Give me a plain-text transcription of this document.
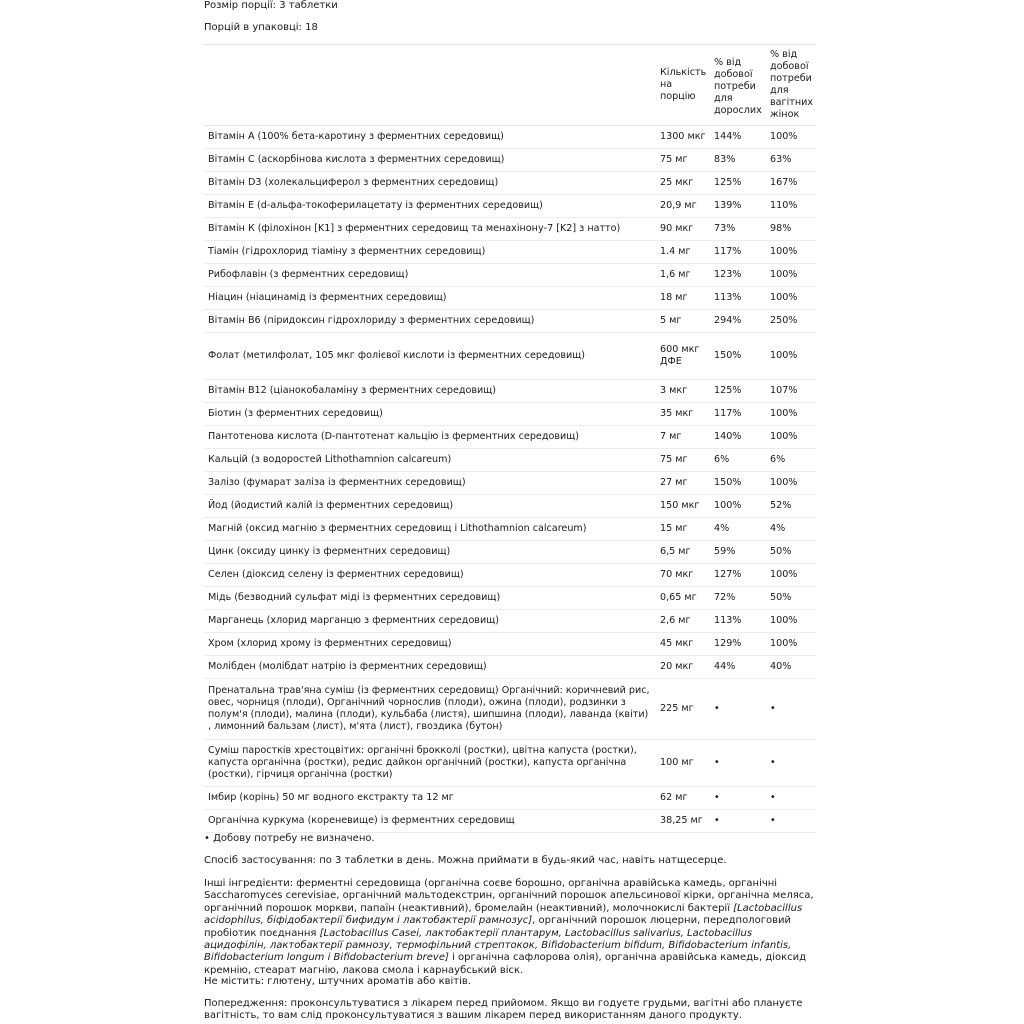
Розмір порції: 3 таблетки
Порцій в упаковці: 18
	Кількість на порцію	% від добової потреби для дорослих	% від добової потреби для вагітних жінок
Вітамін A (100% бета-каротину з ферментних середовищ)	1300 мкг	144%	100%
Вітамін C (аскорбінова кислота з ферментних середовищ)	75 мг	83%	63%
Вітамін D3 (холекальциферол з ферментних середовищ)	25 мкг	125%	167%
Вітамін E (d-альфа-токоферилацетату із ферментних середовищ)	20,9 мг	139%	110%
Вітамін К (філохінон [K1] з ферментних середовищ та менахінону-7 [K2] з натто)	90 мкг	73%	98%
Тіамін (гідрохлорид тіаміну з ферментних середовищ)	1.4 мг	117%	100%
Рибофлавін (з ферментних середовищ)	1,6 мг	123%	100%
Ніацин (ніацинамід із ферментних середовищ)	18 мг	113%	100%
Вітамін B6 (піридоксин гідрохлориду з ферментних середовищ)	5 мг	294%	250%
Фолат (метилфолат, 105 мкг фолієвої кислоти із ферментних середовищ)	600 мкг ДФЕ	150%	100%
Вітамін B12 (ціанокобаламіну з ферментних середовищ)	3 мкг	125%	107%
Біотин (з ферментних середовищ)	35 мкг	117%	100%
Пантотенова кислота (D-пантотенат кальцію із ферментних середовищ)	7 мг	140%	100%
Кальцій (з водоростей Lithothamnion calcareum)	75 мг	6%	6%
Залізо (фумарат заліза із ферментних середовищ)	27 мг	150%	100%
Йод (йодистий калій із ферментних середовищ)	150 мкг	100%	52%
Магній (оксид магнію з ферментних середовищ і Lithothamnion calcareum)	15 мг	4%	4%
Цинк (оксиду цинку із ферментних середовищ)	6,5 мг	59%	50%
Селен (діоксид селену із ферментних середовищ)	70 мкг	127%	100%
Мідь (безводний сульфат міді із ферментних середовищ)	0,65 мг	72%	50%
Марганець (хлорид марганцю з ферментних середовищ)	2,6 мг	113%	100%
Хром (хлорид хрому із ферментних середовищ)	45 мкг	129%	100%
Молібден (молібдат натрію із ферментних середовищ)	20 мкг	44%	40%
Пренатальна трав'яна суміш (із ферментних середовищ) Органічний: коричневий рис, овес, чорниця (плоди), Органічний чорнослив (плоди), ожина (плоди), родзинки з полум'я (плоди), малина (плоди), кульбаба (листя), шипшина (плоди), лаванда (квіти) , лимонний бальзам (лист), м'ята (лист), гвоздика (бутон)	225 мг	•	•
Суміш паростків хрестоцвітих: органічні брокколі (ростки), цвітна капуста (ростки), капуста органічна (ростки), редис дайкон органічний (ростки), капуста органічна (ростки), гірчиця органічна (ростки)	100 мг	•	•
Імбир (корінь) 50 мг водного екстракту та 12 мг	62 мг	•	•
Органічна куркума (кореневище) із ферментних середовищ	38,25 мг	•	•
• Добову потребу не визначено.
Спосіб застосування: по 3 таблетки в день. Можна приймати в будь-який час, навіть натщесерце.
Інші інгредієнти: ферментні середовища (органічна соєве борошно, органічна аравійська камедь, органічні Saccharomyces cerevisiae, органічний мальтодекстрин, органічний порошок апельсинової кірки, органічна меляса, органічний порошок моркви, папаїн (неактивний), бромелайн (неактивний), молочнокислі бактерії [Lactobacillus acidophilus, біфідобактерії бифидум і лактобактерії рамнозус], органічний порошок люцерни, передпологовий пробіотик поєднання [Lactobacillus Casei, лактобактерії плантарум, Lactobacillus salivarius, Lactobacillus ацидофілін, лактобактерії рамнозу, термофільний стрептокок, Bifidobacterium bifidum, Bifidobacterium infantis, Bifidobacterium longum і Bifidobacterium breve] і органічна сафлорова олія), органічна аравійська камедь, діоксид кремнію, стеарат магнію, лакова смола і карнаубський віск.
Не містить: глютену, штучних ароматів або квітів.
Попередження: проконсультуватися з лікарем перед прийомом. Якщо ви годуєте грудьми, вагітні або плануєте вагітність, то вам слід проконсультуватися з вашим лікарем перед використанням даного продукту.
